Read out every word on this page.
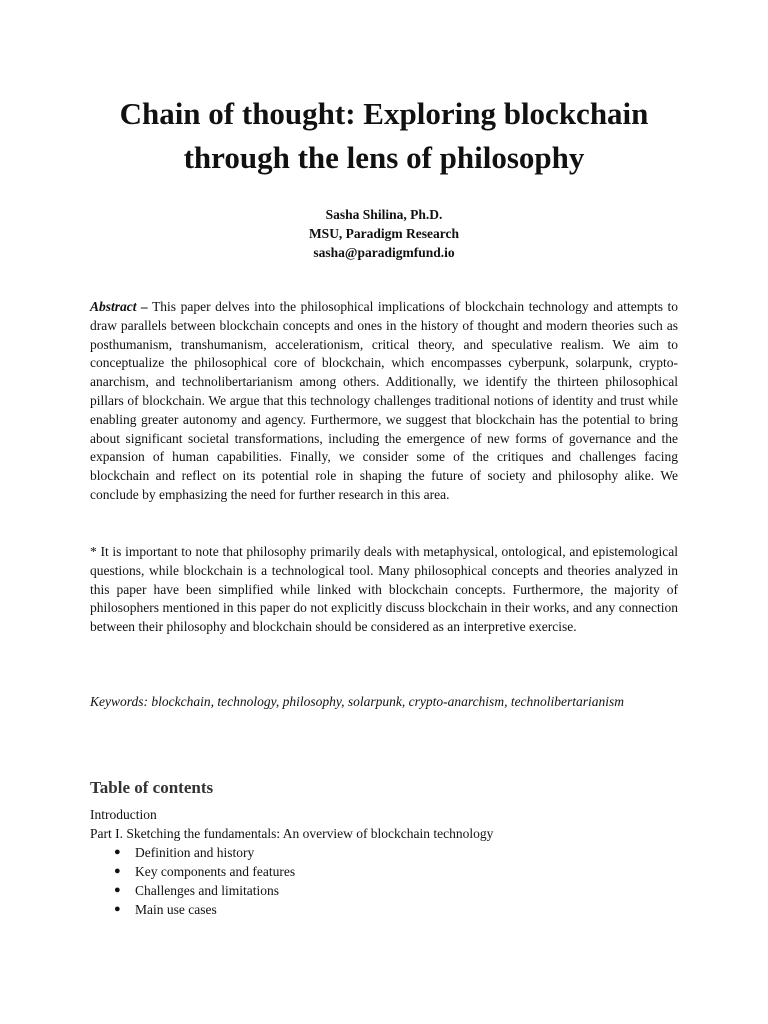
Chain of thought: Exploring blockchain
through the lens of philosophy
Sasha Shilina, Ph.D.
MSU, Paradigm Research
sasha@paradigmfund.io

Abstract – This paper delves into the philosophical implications of blockchain technology and attempts to draw parallels between blockchain concepts and ones in the history of thought and modern theories such as posthumanism, transhumanism, accelerationism, critical theory, and speculative realism. We aim to conceptualize the philosophical core of blockchain, which encompasses cyberpunk, solarpunk, crypto-anarchism, and technolibertarianism among others. Additionally, we identify the thirteen philosophical pillars of blockchain. We argue that this technology challenges traditional notions of identity and trust while enabling greater autonomy and agency. Furthermore, we suggest that blockchain has the potential to bring about significant societal transformations, including the emergence of new forms of governance and the expansion of human capabilities. Finally, we consider some of the critiques and challenges facing blockchain and reflect on its potential role in shaping the future of society and philosophy alike. We conclude by emphasizing the need for further research in this area.

* It is important to note that philosophy primarily deals with metaphysical, ontological, and epistemological questions, while blockchain is a technological tool. Many philosophical concepts and theories analyzed in this paper have been simplified while linked with blockchain concepts. Furthermore, the majority of philosophers mentioned in this paper do not explicitly discuss blockchain in their works, and any connection between their philosophy and blockchain should be considered as an interpretive exercise.

Keywords: blockchain, technology, philosophy, solarpunk, crypto-anarchism, technolibertarianism

Table of contents
Introduction
Part I. Sketching the fundamentals: An overview of blockchain technology
● Definition and history
● Key components and features
● Challenges and limitations
● Main use cases
